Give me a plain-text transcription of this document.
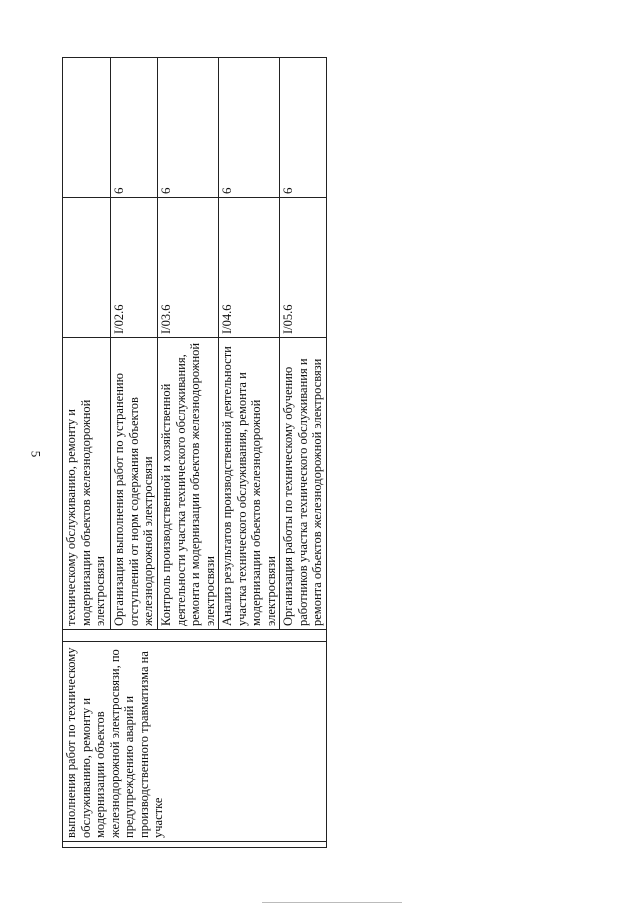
5
	выполнения работ по техническому обслуживанию, ремонту и модернизации объектов железнодорожной электросвязи, по предупреждению аварий и производственного травматизма на участке		техническому обслуживанию, ремонту и модернизации объектов железнодорожной электросвязи		
			Организация выполнения работ по устранению отступлений от норм содержания объектов железнодорожной электросвязи	I/02.6	6
			Контроль производственной и хозяйственной деятельности участка технического обслуживания, ремонта и модернизации объектов железнодорожной электросвязи	I/03.6	6
			Анализ результатов производственной деятельности участка технического обслуживания, ремонта и модернизации объектов железнодорожной электросвязи	I/04.6	6
			Организация работы по техническому обучению работников участка технического обслуживания и ремонта объектов железнодорожной электросвязи	I/05.6	6
